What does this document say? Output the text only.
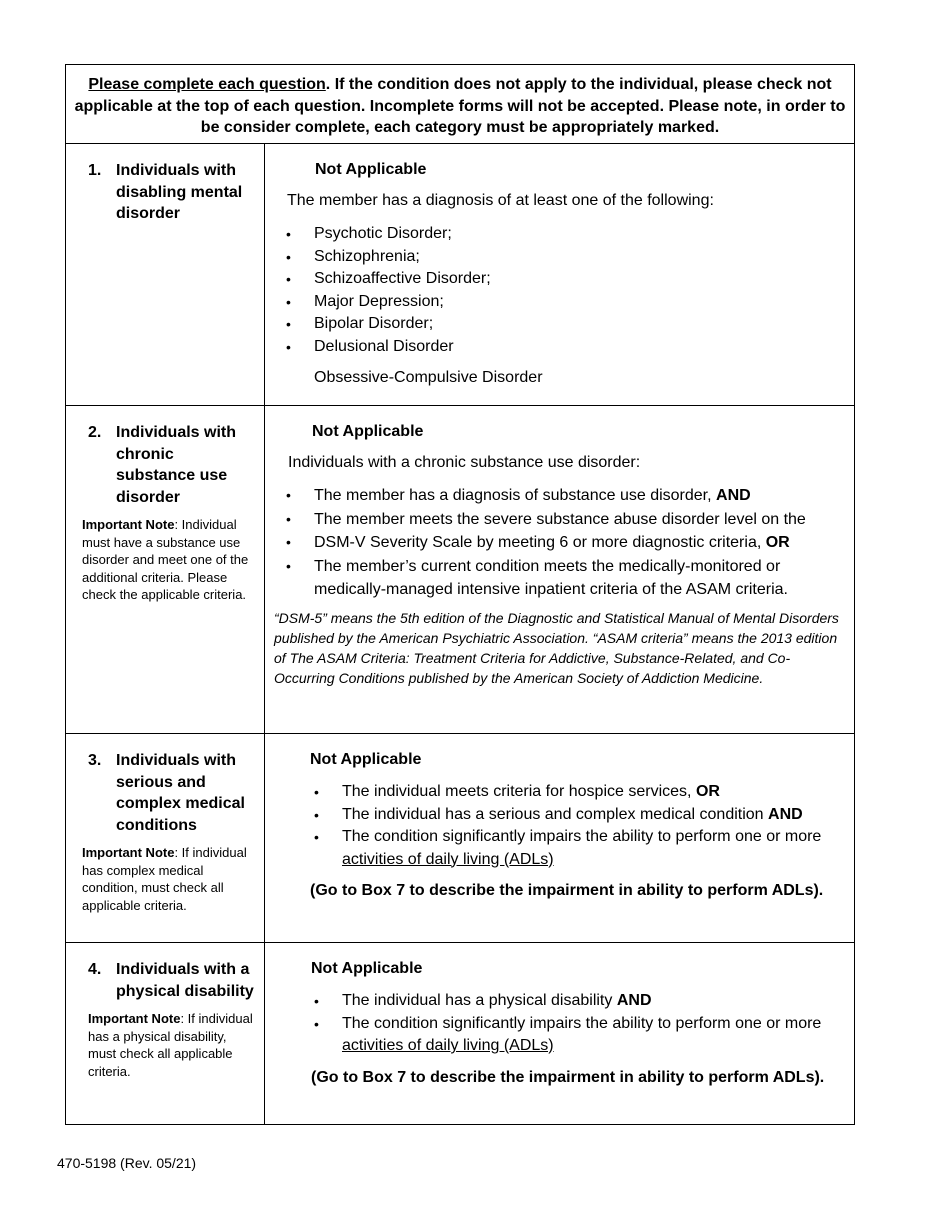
Please complete each question. If the condition does not apply to the individual, please check not applicable at the top of each question. Incomplete forms will not be accepted. Please note, in order to be consider complete, each category must be appropriately marked.
1. Individuals with disabling mental disorder
Not Applicable
The member has a diagnosis of at least one of the following:
• Psychotic Disorder;
• Schizophrenia;
• Schizoaffective Disorder;
• Major Depression;
• Bipolar Disorder;
• Delusional Disorder
Obsessive-Compulsive Disorder
2. Individuals with chronic substance use disorder
Important Note: Individual must have a substance use disorder and meet one of the additional criteria. Please check the applicable criteria.
Not Applicable
Individuals with a chronic substance use disorder:
• The member has a diagnosis of substance use disorder, AND
• The member meets the severe substance abuse disorder level on the
• DSM-V Severity Scale by meeting 6 or more diagnostic criteria, OR
• The member’s current condition meets the medically-monitored or medically-managed intensive inpatient criteria of the ASAM criteria.
“DSM-5” means the 5th edition of the Diagnostic and Statistical Manual of Mental Disorders published by the American Psychiatric Association. “ASAM criteria” means the 2013 edition of The ASAM Criteria: Treatment Criteria for Addictive, Substance-Related, and Co-Occurring Conditions published by the American Society of Addiction Medicine.
3. Individuals with serious and complex medical conditions
Important Note: If individual has complex medical condition, must check all applicable criteria.
Not Applicable
• The individual meets criteria for hospice services, OR
• The individual has a serious and complex medical condition AND
• The condition significantly impairs the ability to perform one or more activities of daily living (ADLs)
(Go to Box 7 to describe the impairment in ability to perform ADLs).
4. Individuals with a physical disability
Important Note: If individual has a physical disability, must check all applicable criteria.
Not Applicable
• The individual has a physical disability AND
• The condition significantly impairs the ability to perform one or more activities of daily living (ADLs)
(Go to Box 7 to describe the impairment in ability to perform ADLs).
470-5198 (Rev. 05/21)
